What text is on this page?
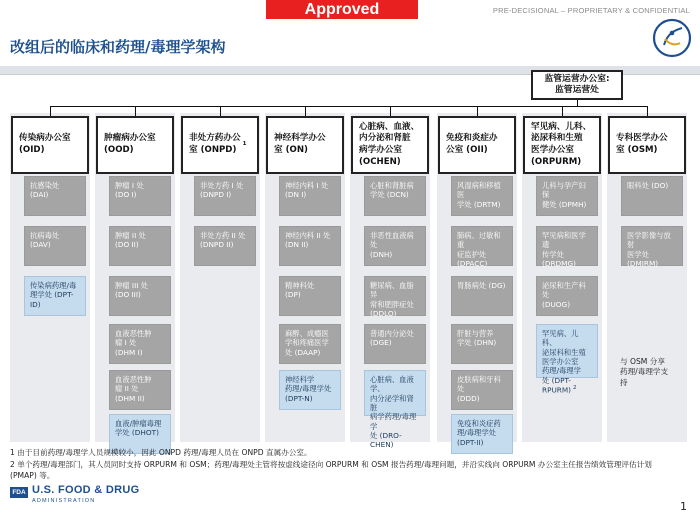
Approved	PRE-DECISIONAL – PROPRIETARY & CONFIDENTIAL
改组后的临床和药理/毒理学架构
监管运营办公室:
监管运营处
传染病办公室
(OID)
抗感染处
(DAI)
抗病毒处
(DAV)
传染病药理/毒
理学处 (DPT-
ID)
肿瘤病办公室
(OOD)
肿瘤 I 处
(DO I)
肿瘤 II 处
(DO II)
肿瘤 III 处
(DO III)
血液恶性肿
瘤 I 处
(DHM I)
血液恶性肿
瘤 II 处
(DHM II)
血液/肿瘤毒理
学处 (DHOT)
非处方药办公
室 (ONPD)
1
非处方药 I 处
(DNPD I)
非处方药 II 处
(DNPD II)
神经科学办公
室 (ON)
神经内科 I 处
(DN I)
神经内科 II 处
(DN II)
精神科处
(DP)
麻醉、成瘾医
学和疼痛医学
处 (DAAP)
神经科学
药理/毒理学处
(DPT-N)
心脏病、血液、
内分泌和肾脏
病学办公室
(OCHEN)
心脏和肾脏病
学处 (DCN)
非恶性血液病处
(DNH)
糖尿病、血脂异
常和肥胖症处
(DDLO)
普通内分泌处
(DGE)
心脏病、血液学、
内分泌学和肾脏
病学药理/毒理学
处 (DRO-CHEN)
免疫和炎症办
公室 (OII)
风湿病和移植医
学处 (DRTM)
肺病、过敏和重
症监护处
(DPACC)
胃肠病处 (DG)
肝脏与营养
学处 (DHN)
皮肤病和牙科处
(DDD)
免疫和炎症药
理/毒理学处
(DPT-II)
罕见病、儿科、
泌尿科和生殖
医学办公室
(ORPURM)
儿科与孕产妇保
健处 (DPMH)
罕见病和医学遗
传学处
(DRDMG)
泌尿和生产科处
(DUOG)
罕见病、儿科、
泌尿科和生殖
医学办公室
药理/毒理学
处 (DPT-
RPURM) $^2$
专科医学办公
室 (OSM)
眼科处 (DO)
医学影像与放射
医学处 (DMIRM)
与 OSM 分享
药理/毒理学支
持
1 由于目前药理/毒理学人员规模较小，因此 ONPD 药理/毒理人员在 ONPD 直属办公室。
2 单个药理/毒理部门，其人员同时支持 ORPURM 和 OSM；药理/毒理处主管将按虚线途径向 ORPURM 和 OSM 报告药理/毒理问题，并沿实线向 ORPURM 办公室主任报告绩效管理评估计划 (PMAP) 等。
FDA U.S. FOOD & DRUG
ADMINISTRATION	1
